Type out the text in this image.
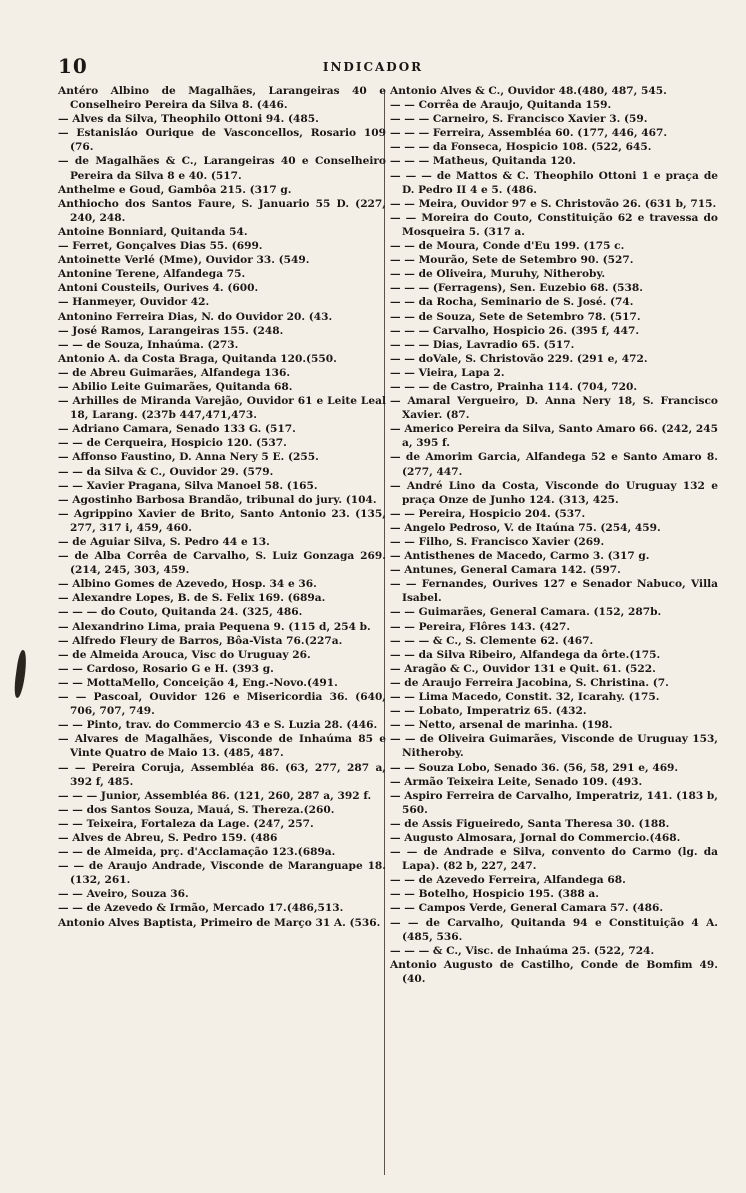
10	INDICADOR

Antéro Albino de Magalhães, Larangeiras 40 e Conselheiro Pereira da Silva 8. (446.

— Alves da Silva, Theophilo Ottoni 94. (485.

— Estanisláo Ourique de Vasconcellos, Rosario 109 (76.

— de Magalhães & C., Larangeiras 40 e Conselheiro Pereira da Silva 8 e 40. (517.

Anthelme e Goud, Gambôa 215. (317 g.

Anthiocho dos Santos Faure, S. Januario 55 D. (227, 240, 248.

Antoine Bonniard, Quitanda 54.

— Ferret, Gonçalves Dias 55. (699.

Antoinette Verlé (Mme), Ouvidor 33. (549.

Antonine Terene, Alfandega 75.

Antoni Cousteils, Ourives 4. (600.

— Hanmeyer, Ouvidor 42.

Antonino Ferreira Dias, N. do Ouvidor 20. (43.

— José Ramos, Larangeiras 155. (248.

— — de Souza, Inhaúma. (273.

Antonio A. da Costa Braga, Quitanda 120.(550.

— de Abreu Guimarães, Alfandega 136.

— Abilio Leite Guimarães, Quitanda 68.

— Arhilles de Miranda Varejão, Ouvidor 61 e Leite Leal 18, Larang. (237b 447,471,473.

— Adriano Camara, Senado 133 G. (517.

— — de Cerqueira, Hospicio 120. (537.

— Affonso Faustino, D. Anna Nery 5 E. (255.

— — da Silva & C., Ouvidor 29. (579.

— — Xavier Pragana, Silva Manoel 58. (165.

— Agostinho Barbosa Brandão, tribunal do jury. (104.

— Agrippino Xavier de Brito, Santo Antonio 23. (135, 277, 317 i, 459, 460.

— de Aguiar Silva, S. Pedro 44 e 13.

— de Alba Corrêa de Carvalho, S. Luiz Gonzaga 269. (214, 245, 303, 459.

— Albino Gomes de Azevedo, Hosp. 34 e 36.

— Alexandre Lopes, B. de S. Felix 169. (689a.

— — — do Couto, Quitanda 24. (325, 486.

— Alexandrino Lima, praia Pequena 9. (115 d, 254 b.

— Alfredo Fleury de Barros, Bôa-Vista 76.(227a.

— de Almeida Arouca, Visc do Uruguay 26.

— — Cardoso, Rosario G e H. (393 g.

— — MottaMello, Conceição 4, Eng.-Novo.(491.

— — Pascoal, Ouvidor 126 e Misericordia 36. (640, 706, 707, 749.

— — Pinto, trav. do Commercio 43 e S. Luzia 28. (446.

— Alvares de Magalhães, Visconde de Inhaúma 85 e Vinte Quatro de Maio 13. (485, 487.

— — Pereira Coruja, Assembléa 86. (63, 277, 287 a, 392 f, 485.

— — — Junior, Assembléa 86. (121, 260, 287 a, 392 f.

— — dos Santos Souza, Mauá, S. Thereza.(260.

— — Teixeira, Fortaleza da Lage. (247, 257.

— Alves de Abreu, S. Pedro 159. (486

— — de Almeida, prç. d'Acclamação 123.(689a.

— — de Araujo Andrade, Visconde de Maranguape 18. (132, 261.

— — Aveiro, Souza 36.

— — de Azevedo & Irmão, Mercado 17.(486,513.

Antonio Alves Baptista, Primeiro de Março 31 A. (536.

Antonio Alves & C., Ouvidor 48.(480, 487, 545.

— — Corrêa de Araujo, Quitanda 159.

— — — Carneiro, S. Francisco Xavier 3. (59.

— — — Ferreira, Assembléa 60. (177, 446, 467.

— — — da Fonseca, Hospicio 108. (522, 645.

— — — Matheus, Quitanda 120.

— — — de Mattos & C. Theophilo Ottoni 1 e praça de D. Pedro II 4 e 5. (486.

— — Meira, Ouvidor 97 e S. Christovão 26. (631 b, 715.

— — Moreira do Couto, Constituição 62 e travessa do Mosqueira 5. (317 a.

— — de Moura, Conde d'Eu 199. (175 c.

— — Mourão, Sete de Setembro 90. (527.

— — de Oliveira, Muruhy, Nitheroby.

— — — (Ferragens), Sen. Euzebio 68. (538.

— — da Rocha, Seminario de S. José. (74.

— — de Souza, Sete de Setembro 78. (517.

— — — Carvalho, Hospicio 26. (395 f, 447.

— — — Dias, Lavradio 65. (517.

— — doVale, S. Christovão 229. (291 e, 472.

— — Vieira, Lapa 2.

— — — de Castro, Prainha 114. (704, 720.

— Amaral Vergueiro, D. Anna Nery 18, S. Francisco Xavier. (87.

— Americo Pereira da Silva, Santo Amaro 66. (242, 245 a, 395 f.

— de Amorim Garcia, Alfandega 52 e Santo Amaro 8. (277, 447.

— André Lino da Costa, Visconde do Uruguay 132 e praça Onze de Junho 124. (313, 425.

— — Pereira, Hospicio 204. (537.

— Angelo Pedroso, V. de Itaúna 75. (254, 459.

— — Filho, S. Francisco Xavier (269.

— Antisthenes de Macedo, Carmo 3. (317 g.

— Antunes, General Camara 142. (597.

— — Fernandes, Ourives 127 e Senador Nabuco, Villa Isabel.

— — Guimarães, General Camara. (152, 287b.

— — Pereira, Flôres 143. (427.

— — — & C., S. Clemente 62. (467.

— — da Silva Ribeiro, Alfandega da ôrte.(175.

— Aragão & C., Ouvidor 131 e Quit. 61. (522.

— de Araujo Ferreira Jacobina, S. Christina. (7.

— — Lima Macedo, Constit. 32, Icarahy. (175.

— — Lobato, Imperatriz 65. (432.

— — Netto, arsenal de marinha. (198.

— — de Oliveira Guimarães, Visconde de Uruguay 153, Nitheroby.

— — Souza Lobo, Senado 36. (56, 58, 291 e, 469.

— Armão Teixeira Leite, Senado 109. (493.

— Aspiro Ferreira de Carvalho, Imperatriz, 141. (183 b, 560.

— de Assis Figueiredo, Santa Theresa 30. (188.

— Augusto Almosara, Jornal do Commercio.(468.

— — de Andrade e Silva, convento do Carmo (lg. da Lapa). (82 b, 227, 247.

— — de Azevedo Ferreira, Alfandega 68.

— — Botelho, Hospicio 195. (388 a.

— — Campos Verde, General Camara 57. (486.

— — de Carvalho, Quitanda 94 e Constituição 4 A. (485, 536.

— — — & C., Visc. de Inhaúma 25. (522, 724.

Antonio Augusto de Castilho, Conde de Bomfim 49. (40.
